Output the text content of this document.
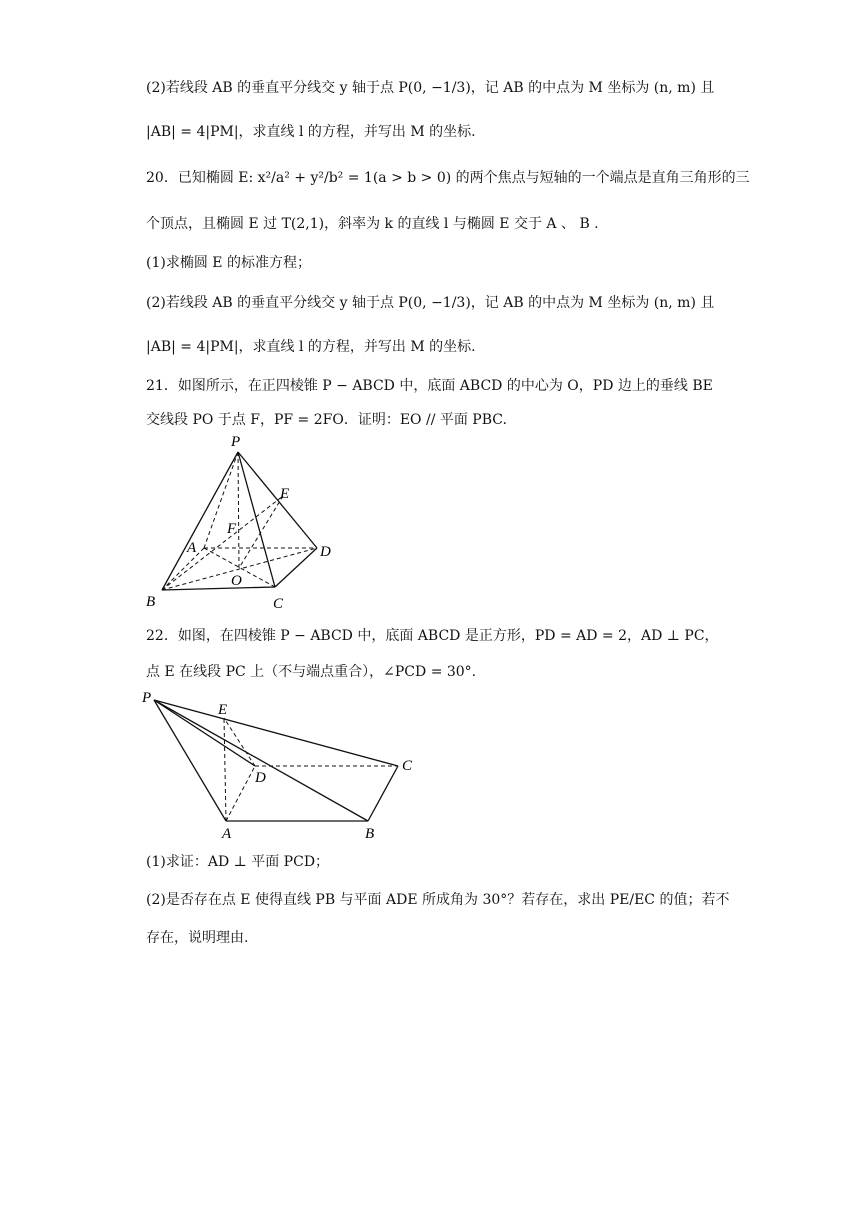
(2)若线段 AB 的垂直平分线交 y 轴于点 P(0, −1/3)，记 AB 的中点为 M 坐标为 (n, m) 且
|AB| = 4|PM|，求直线 l 的方程，并写出 M 的坐标.
20．已知椭圆 E: x²/a² + y²/b² = 1(a > b > 0) 的两个焦点与短轴的一个端点是直角三角形的三
个顶点，且椭圆 E 过 T(2,1)，斜率为 k 的直线 l 与椭圆 E 交于 A 、 B .
(1)求椭圆 E 的标准方程；
(2)若线段 AB 的垂直平分线交 y 轴于点 P(0, −1/3)，记 AB 的中点为 M 坐标为 (n, m) 且
|AB| = 4|PM|，求直线 l 的方程，并写出 M 的坐标.
21．如图所示，在正四棱锥 P − ABCD 中，底面 ABCD 的中心为 O，PD 边上的垂线 BE
交线段 PO 于点 F，PF = 2FO．证明：EO // 平面 PBC.
P
E
F
A	D
O
B	C
22．如图，在四棱锥 P − ABCD 中，底面 ABCD 是正方形，PD = AD = 2，AD ⊥ PC，
点 E 在线段 PC 上（不与端点重合），∠PCD = 30°.
P
E
D
C
A	B
(1)求证：AD ⊥ 平面 PCD；
(2)是否存在点 E 使得直线 PB 与平面 ADE 所成角为 30°？若存在，求出 PE/EC 的值；若不
存在，说明理由.
